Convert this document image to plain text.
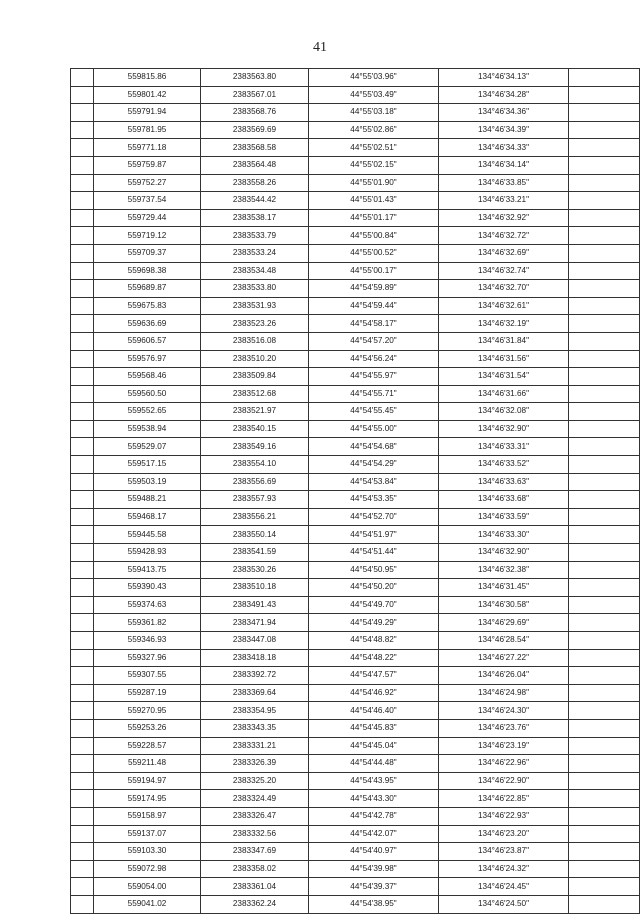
41
	559815.86	2383563.80	44°55'03.96"	134°46'34.13"	
	559801.42	2383567.01	44°55'03.49"	134°46'34.28"	
	559791.94	2383568.76	44°55'03.18"	134°46'34.36"	
	559781.95	2383569.69	44°55'02.86"	134°46'34.39"	
	559771.18	2383568.58	44°55'02.51"	134°46'34.33"	
	559759.87	2383564.48	44°55'02.15"	134°46'34.14"	
	559752.27	2383558.26	44°55'01.90"	134°46'33.85"	
	559737.54	2383544.42	44°55'01.43"	134°46'33.21"	
	559729.44	2383538.17	44°55'01.17"	134°46'32.92"	
	559719.12	2383533.79	44°55'00.84"	134°46'32.72"	
	559709.37	2383533.24	44°55'00.52"	134°46'32.69"	
	559698.38	2383534.48	44°55'00.17"	134°46'32.74"	
	559689.87	2383533.80	44°54'59.89"	134°46'32.70"	
	559675.83	2383531.93	44°54'59.44"	134°46'32.61"	
	559636.69	2383523.26	44°54'58.17"	134°46'32.19"	
	559606.57	2383516.08	44°54'57.20"	134°46'31.84"	
	559576.97	2383510.20	44°54'56.24"	134°46'31.56"	
	559568.46	2383509.84	44°54'55.97"	134°46'31.54"	
	559560.50	2383512.68	44°54'55.71"	134°46'31.66"	
	559552.65	2383521.97	44°54'55.45"	134°46'32.08"	
	559538.94	2383540.15	44°54'55.00"	134°46'32.90"	
	559529.07	2383549.16	44°54'54.68"	134°46'33.31"	
	559517.15	2383554.10	44°54'54.29"	134°46'33.52"	
	559503.19	2383556.69	44°54'53.84"	134°46'33.63"	
	559488.21	2383557.93	44°54'53.35"	134°46'33.68"	
	559468.17	2383556.21	44°54'52.70"	134°46'33.59"	
	559445.58	2383550.14	44°54'51.97"	134°46'33.30"	
	559428.93	2383541.59	44°54'51.44"	134°46'32.90"	
	559413.75	2383530.26	44°54'50.95"	134°46'32.38"	
	559390.43	2383510.18	44°54'50.20"	134°46'31.45"	
	559374.63	2383491.43	44°54'49.70"	134°46'30.58"	
	559361.82	2383471.94	44°54'49.29"	134°46'29.69"	
	559346.93	2383447.08	44°54'48.82"	134°46'28.54"	
	559327.96	2383418.18	44°54'48.22"	134°46'27.22"	
	559307.55	2383392.72	44°54'47.57"	134°46'26.04"	
	559287.19	2383369.64	44°54'46.92"	134°46'24.98"	
	559270.95	2383354.95	44°54'46.40"	134°46'24.30"	
	559253.26	2383343.35	44°54'45.83"	134°46'23.76"	
	559228.57	2383331.21	44°54'45.04"	134°46'23.19"	
	559211.48	2383326.39	44°54'44.48"	134°46'22.96"	
	559194.97	2383325.20	44°54'43.95"	134°46'22.90"	
	559174.95	2383324.49	44°54'43.30"	134°46'22.85"	
	559158.97	2383326.47	44°54'42.78"	134°46'22.93"	
	559137.07	2383332.56	44°54'42.07"	134°46'23.20"	
	559103.30	2383347.69	44°54'40.97"	134°46'23.87"	
	559072.98	2383358.02	44°54'39.98"	134°46'24.32"	
	559054.00	2383361.04	44°54'39.37"	134°46'24.45"	
	559041.02	2383362.24	44°54'38.95"	134°46'24.50"	
